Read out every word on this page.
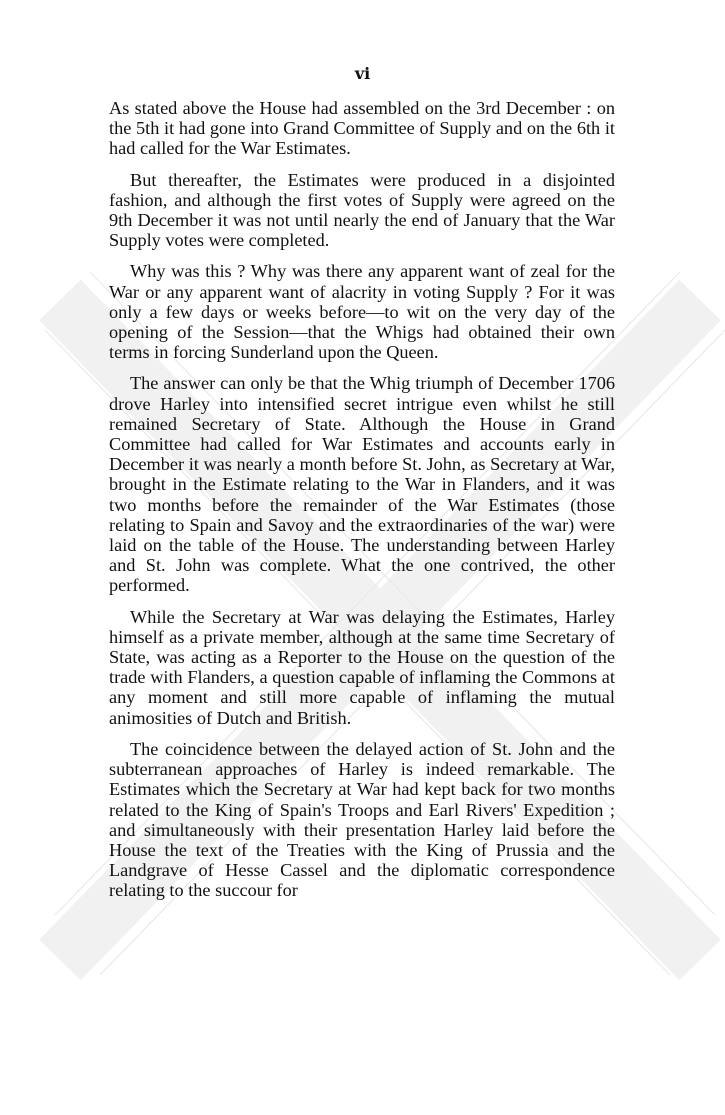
vi

As stated above the House had assembled on the 3rd December : on the 5th it had gone into Grand Committee of Supply and on the 6th it had called for the War Estimates.

But thereafter, the Estimates were produced in a disjointed fashion, and although the first votes of Supply were agreed on the 9th December it was not until nearly the end of January that the War Supply votes were completed.

Why was this ? Why was there any apparent want of zeal for the War or any apparent want of alacrity in voting Supply ? For it was only a few days or weeks before—to wit on the very day of the opening of the Session—that the Whigs had obtained their own terms in forcing Sunderland upon the Queen.

The answer can only be that the Whig triumph of December 1706 drove Harley into intensified secret intrigue even whilst he still remained Secretary of State. Although the House in Grand Committee had called for War Estimates and accounts early in December it was nearly a month before St. John, as Secretary at War, brought in the Estimate relating to the War in Flanders, and it was two months before the remainder of the War Estimates (those relating to Spain and Savoy and the extraordinaries of the war) were laid on the table of the House. The understanding between Harley and St. John was complete. What the one contrived, the other performed.

While the Secretary at War was delaying the Estimates, Harley himself as a private member, although at the same time Secretary of State, was acting as a Reporter to the House on the question of the trade with Flanders, a question capable of inflaming the Commons at any moment and still more capable of inflaming the mutual animosities of Dutch and British.

The coincidence between the delayed action of St. John and the subterranean approaches of Harley is indeed remarkable. The Estimates which the Secretary at War had kept back for two months related to the King of Spain's Troops and Earl Rivers' Expedition ; and simultaneously with their presentation Harley laid before the House the text of the Treaties with the King of Prussia and the Landgrave of Hesse Cassel and the diplomatic correspondence relating to the succour for
